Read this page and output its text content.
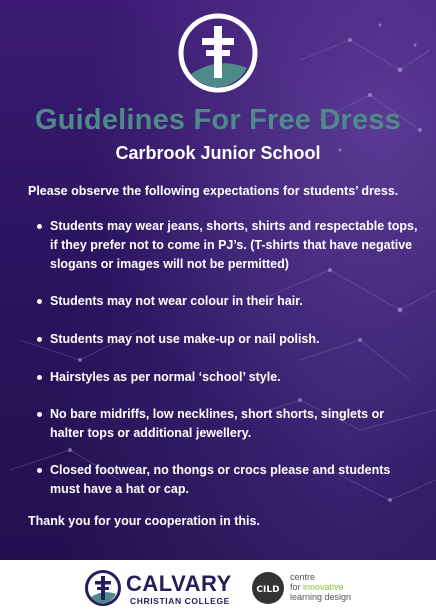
Guidelines For Free Dress
Carbrook Junior School

Please observe the following expectations for students’ dress.

Students may wear jeans, shorts, shirts and respectable tops, if they prefer not to come in PJ’s. (T-shirts that have negative slogans or images will not be permitted)
Students may not wear colour in their hair.
Students may not use make-up or nail polish.
Hairstyles as per normal ‘school’ style.
No bare midriffs, low necklines, short shorts, singlets or halter tops or additional jewellery.
Closed footwear, no thongs or crocs please and students must have a hat or cap.

Thank you for your cooperation in this.

CALVARY
CHRISTIAN COLLEGE
CILD
centre
for innovative
learning design
